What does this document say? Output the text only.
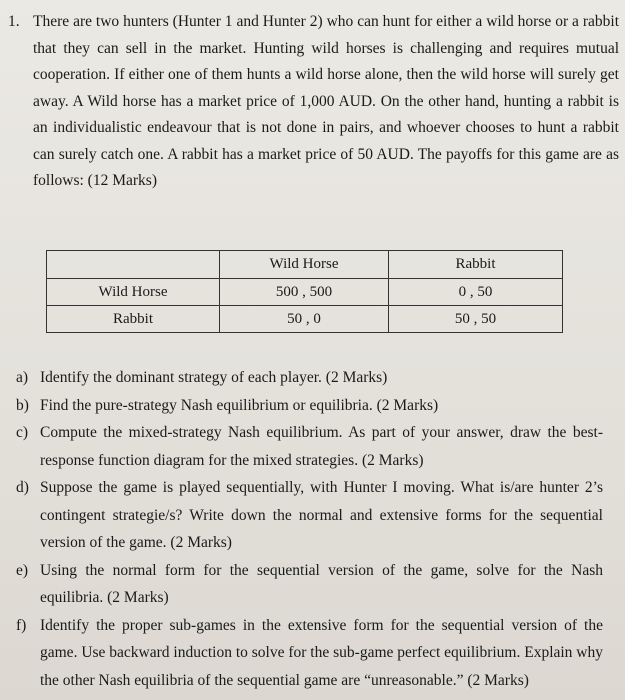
1. There are two hunters (Hunter 1 and Hunter 2) who can hunt for either a wild horse or a rabbit that they can sell in the market. Hunting wild horses is challenging and requires mutual cooperation. If either one of them hunts a wild horse alone, then the wild horse will surely get away. A Wild horse has a market price of 1,000 AUD. On the other hand, hunting a rabbit is an individualistic endeavour that is not done in pairs, and whoever chooses to hunt a rabbit can surely catch one. A rabbit has a market price of 50 AUD. The payoffs for this game are as follows: (12 Marks)
	Wild Horse	Rabbit
Wild Horse	500 , 500	0 , 50
Rabbit	50 , 0	50 , 50
a) Identify the dominant strategy of each player. (2 Marks)
b) Find the pure-strategy Nash equilibrium or equilibria. (2 Marks)
c) Compute the mixed-strategy Nash equilibrium. As part of your answer, draw the best-response function diagram for the mixed strategies. (2 Marks)
d) Suppose the game is played sequentially, with Hunter I moving. What is/are hunter 2’s contingent strategie/s? Write down the normal and extensive forms for the sequential version of the game. (2 Marks)
e) Using the normal form for the sequential version of the game, solve for the Nash equilibria. (2 Marks)
f) Identify the proper sub-games in the extensive form for the sequential version of the game. Use backward induction to solve for the sub-game perfect equilibrium. Explain why the other Nash equilibria of the sequential game are “unreasonable.” (2 Marks)
